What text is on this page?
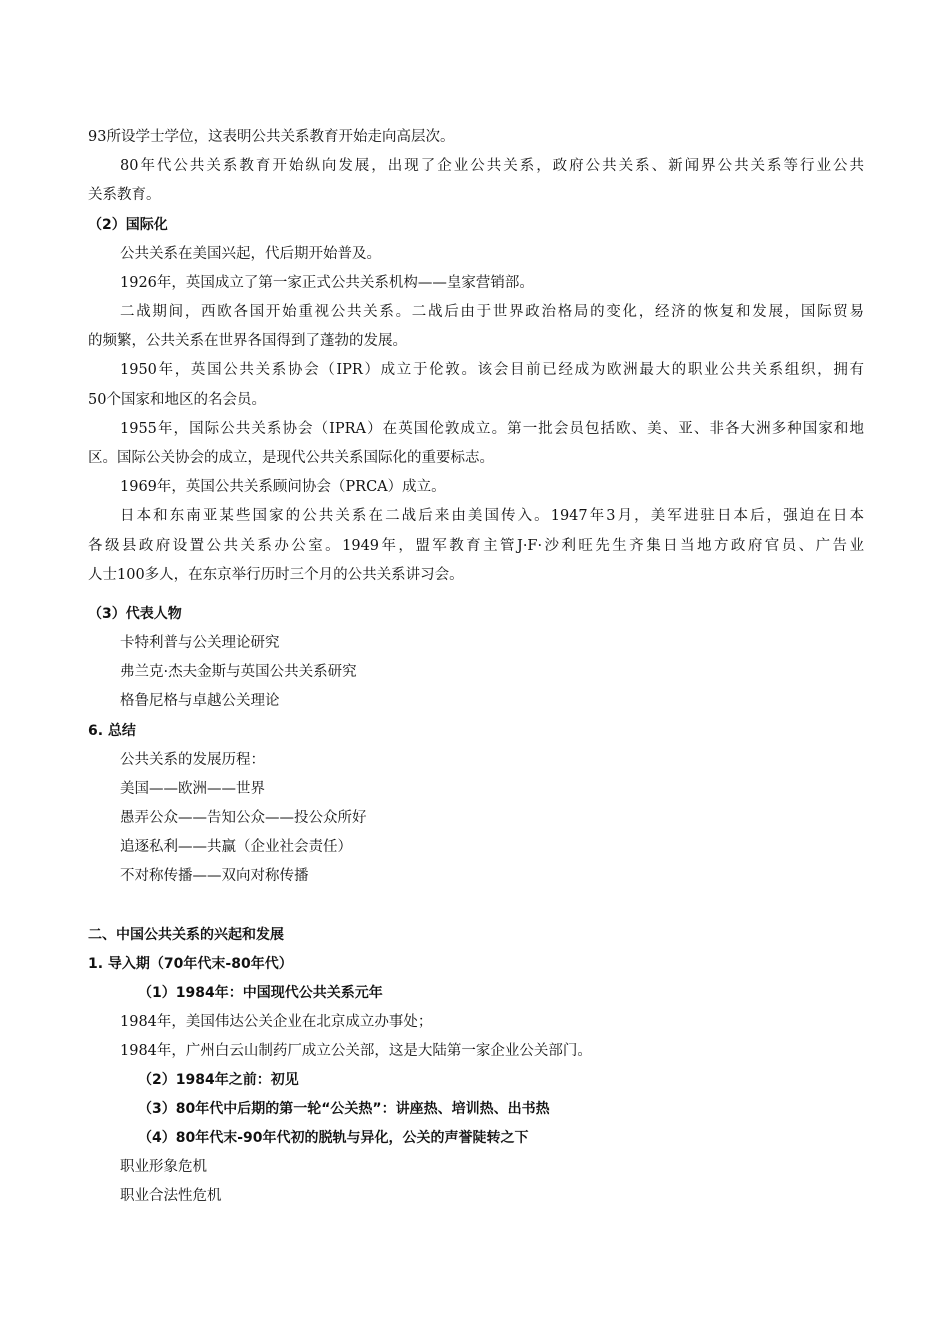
93所设学士学位，这表明公共关系教育开始走向高层次。
80年代公共关系教育开始纵向发展，出现了企业公共关系，政府公共关系、新闻界公共关系等行业公共
关系教育。
（2）国际化
公共关系在美国兴起，代后期开始普及。
1926年，英国成立了第一家正式公共关系机构——皇家营销部。
二战期间，西欧各国开始重视公共关系。二战后由于世界政治格局的变化，经济的恢复和发展，国际贸易
的频繁，公共关系在世界各国得到了蓬勃的发展。
1950年，英国公共关系协会（IPR）成立于伦敦。该会目前已经成为欧洲最大的职业公共关系组织，拥有
50个国家和地区的名会员。
1955年，国际公共关系协会（IPRA）在英国伦敦成立。第一批会员包括欧、美、亚、非各大洲多种国家和地
区。国际公关协会的成立，是现代公共关系国际化的重要标志。
1969年，英国公共关系顾问协会（PRCA）成立。
日本和东南亚某些国家的公共关系在二战后来由美国传入。1947年3月，美军进驻日本后，强迫在日本
各级县政府设置公共关系办公室。1949年，盟军教育主管J·F·沙利旺先生齐集日当地方政府官员、广告业
人士100多人，在东京举行历时三个月的公共关系讲习会。
（3）代表人物
卡特利普与公关理论研究
弗兰克·杰夫金斯与英国公共关系研究
格鲁尼格与卓越公关理论
6. 总结
公共关系的发展历程：
美国——欧洲——世界
愚弄公众——告知公众——投公众所好
追逐私利——共赢（企业社会责任）
不对称传播——双向对称传播
二、中国公共关系的兴起和发展
1. 导入期（70年代末-80年代）
（1）1984年：中国现代公共关系元年
1984年，美国伟达公关企业在北京成立办事处；
1984年，广州白云山制药厂成立公关部，这是大陆第一家企业公关部门。
（2）1984年之前：初见
（3）80年代中后期的第一轮“公关热”：讲座热、培训热、出书热
（4）80年代末-90年代初的脱轨与异化，公关的声誉陡转之下
职业形象危机
职业合法性危机
